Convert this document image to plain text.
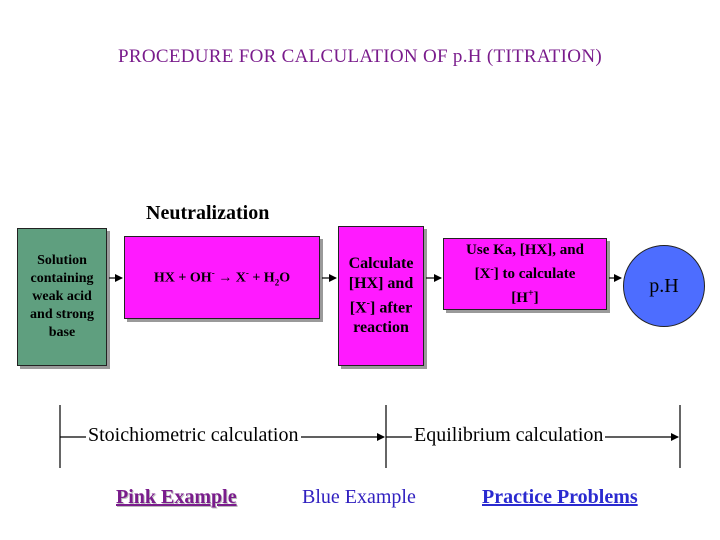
PROCEDURE FOR CALCULATION OF p.H (TITRATION)
Solution
containing
weak acid
and strong
base
Neutralization
HX + $OH^- \to X^- + H_2O$
Calculate
[HX] and
[X-] after
reaction
Use Ka, [HX], and
[X-] to calculate
[H+]
p.H
Stoichiometric calculation	Equilibrium calculation
Pink Example	Blue Example	Practice Problems
